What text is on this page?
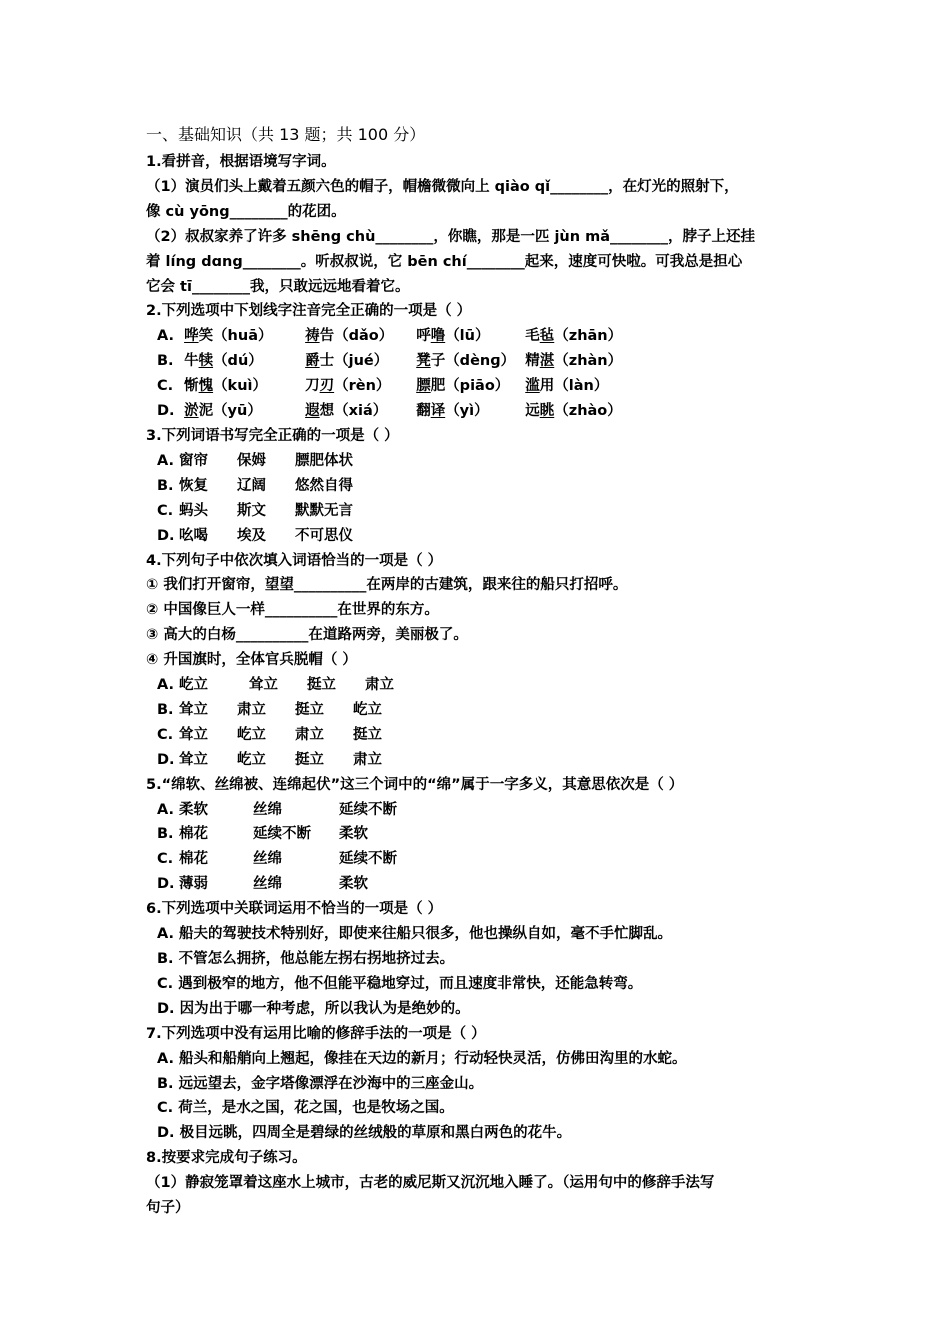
一、基础知识（共 13 题；共 100 分）
1.看拼音，根据语境写字词。
（1）演员们头上戴着五颜六色的帽子，帽檐微微向上 qiào qǐ________，在灯光的照射下，
像 cù yōng________的花团。
（2）叔叔家养了许多 shēng chù________，你瞧，那是一匹 jùn mǎ________，脖子上还挂
着 líng dɑng________。听叔叔说，它 bēn chí________起来，速度可快啦。可我总是担心
它会 tī________我，只敢远远地看着它。
2.下列选项中下划线字注音完全正确的一项是（ ）
A. 哗笑（huā） 祷告（dǎo） 呼噜（lū） 毛毡（zhān）
B. 牛犊（dú）	爵士（jué） 凳子（dènɡ） 精湛（zhàn）
C. 惭愧（kuì）	刀刃（rèn） 膘肥（piāo） 滥用（làn）
D. 淤泥（yū）	遐想（xiá） 翻译（yì）	远眺（zhào）
3.下列词语书写完全正确的一项是（ ）
A. 窗帘 保姆 膘肥体状
B. 恢复 辽阔 悠然自得
C. 蚂头 斯文 默默无言
D. 吆喝 埃及 不可思仪
4.下列句子中依次填入词语恰当的一项是（ ）
① 我们打开窗帘，望望__________在两岸的古建筑，跟来往的船只打招呼。
② 中国像巨人一样__________在世界的东方。
③ 高大的白杨__________在道路两旁，美丽极了。
④ 升国旗时，全体官兵脱帽（ ）
A. 屹立	耸立 挺立 肃立
B. 耸立 肃立 挺立 屹立
C. 耸立 屹立 肃立 挺立
D. 耸立 屹立 挺立 肃立
5.“绵软、丝绵被、连绵起伏”这三个词中的“绵”属于一字多义，其意思依次是（ ）
A. 柔软	丝绵	延续不断
B. 棉花	延续不断 柔软
C. 棉花	丝绵	延续不断
D. 薄弱	丝绵	柔软
6.下列选项中关联词运用不恰当的一项是（ ）
A. 船夫的驾驶技术特别好，即使来往船只很多，他也操纵自如，毫不手忙脚乱。
B. 不管怎么拥挤，他总能左拐右拐地挤过去。
C. 遇到极窄的地方，他不但能平稳地穿过，而且速度非常快，还能急转弯。
D. 因为出于哪一种考虑，所以我认为是绝妙的。
7.下列选项中没有运用比喻的修辞手法的一项是（ ）
A. 船头和船艄向上翘起，像挂在天边的新月；行动轻快灵活，仿佛田沟里的水蛇。
B. 远远望去，金字塔像漂浮在沙海中的三座金山。
C. 荷兰，是水之国，花之国，也是牧场之国。
D. 极目远眺，四周全是碧绿的丝绒般的草原和黑白两色的花牛。
8.按要求完成句子练习。
（1）静寂笼罩着这座水上城市，古老的威尼斯又沉沉地入睡了。（运用句中的修辞手法写
句子）
